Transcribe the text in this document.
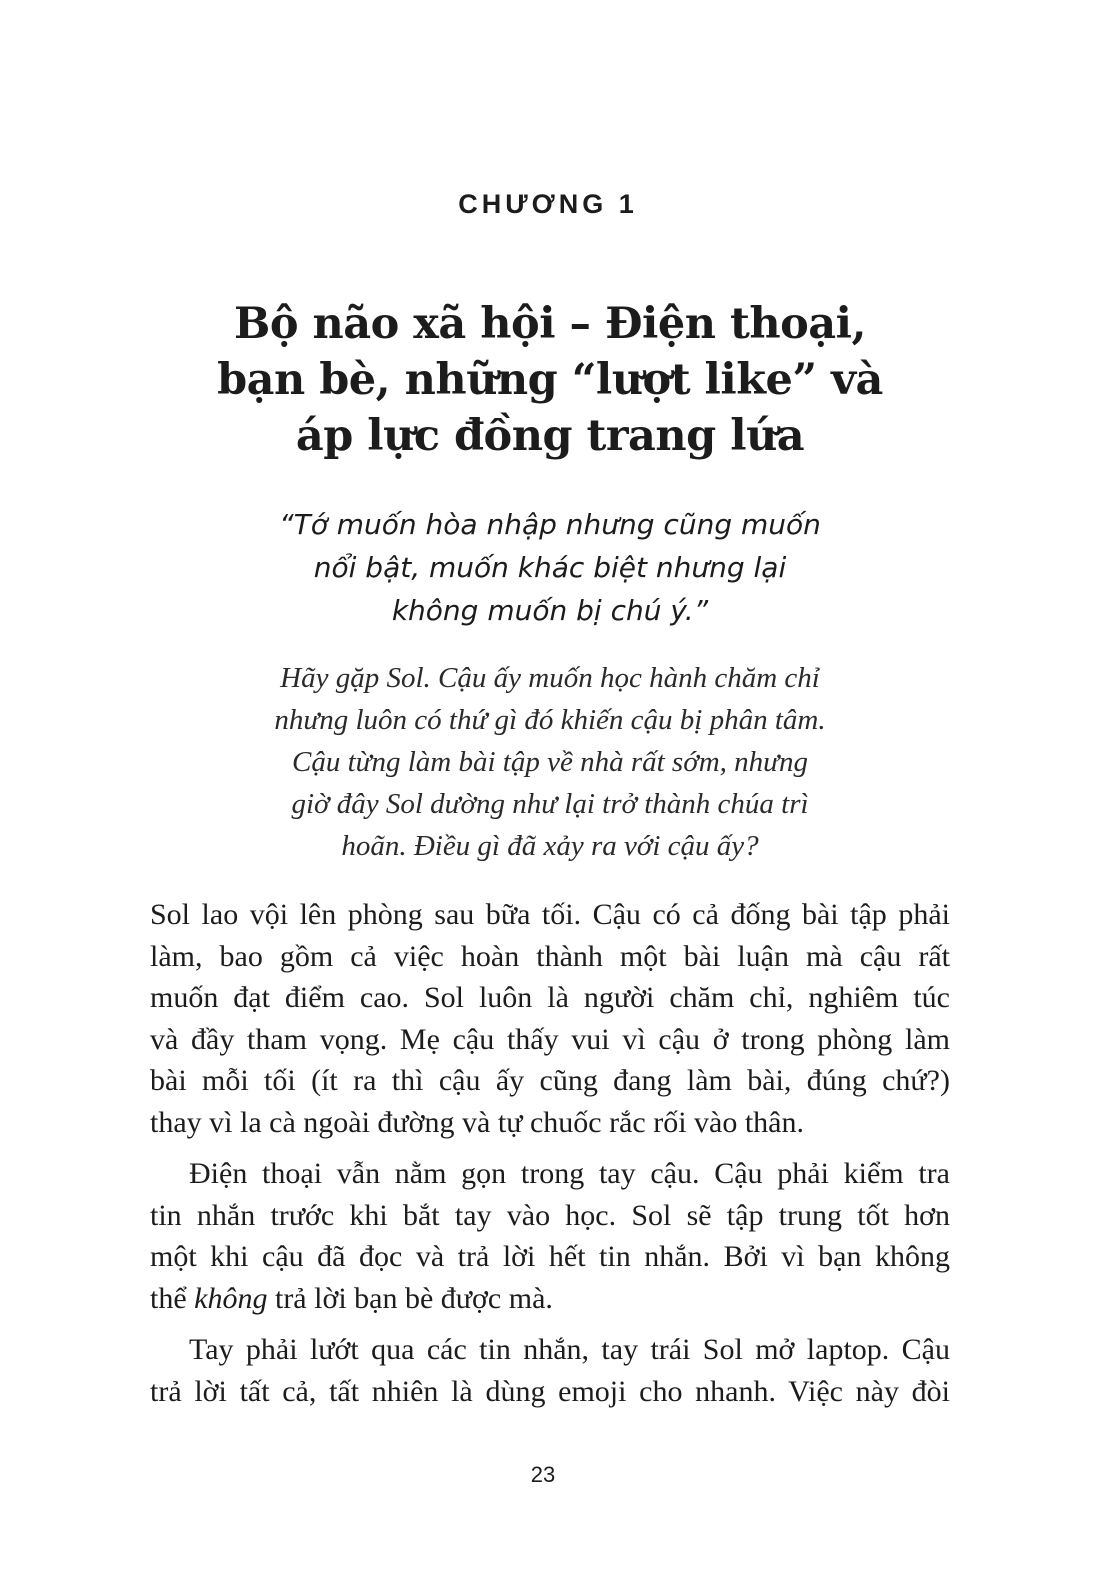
CHƯƠNG 1
Bộ não xã hội – Điện thoại,
bạn bè, những “lượt like” và
áp lực đồng trang lứa
“Tớ muốn hòa nhập nhưng cũng muốn
nổi bật, muốn khác biệt nhưng lại
không muốn bị chú ý.”
Hãy gặp Sol. Cậu ấy muốn học hành chăm chỉ
nhưng luôn có thứ gì đó khiến cậu bị phân tâm.
Cậu từng làm bài tập về nhà rất sớm, nhưng
giờ đây Sol dường như lại trở thành chúa trì
hoãn. Điều gì đã xảy ra với cậu ấy?
Sol lao vội lên phòng sau bữa tối. Cậu có cả đống bài tập phải
làm, bao gồm cả việc hoàn thành một bài luận mà cậu rất
muốn đạt điểm cao. Sol luôn là người chăm chỉ, nghiêm túc
và đầy tham vọng. Mẹ cậu thấy vui vì cậu ở trong phòng làm
bài mỗi tối (ít ra thì cậu ấy cũng đang làm bài, đúng chứ?)
thay vì la cà ngoài đường và tự chuốc rắc rối vào thân.
Điện thoại vẫn nằm gọn trong tay cậu. Cậu phải kiểm tra
tin nhắn trước khi bắt tay vào học. Sol sẽ tập trung tốt hơn
một khi cậu đã đọc và trả lời hết tin nhắn. Bởi vì bạn không
thể không trả lời bạn bè được mà.
Tay phải lướt qua các tin nhắn, tay trái Sol mở laptop. Cậu
trả lời tất cả, tất nhiên là dùng emoji cho nhanh. Việc này đòi
23
